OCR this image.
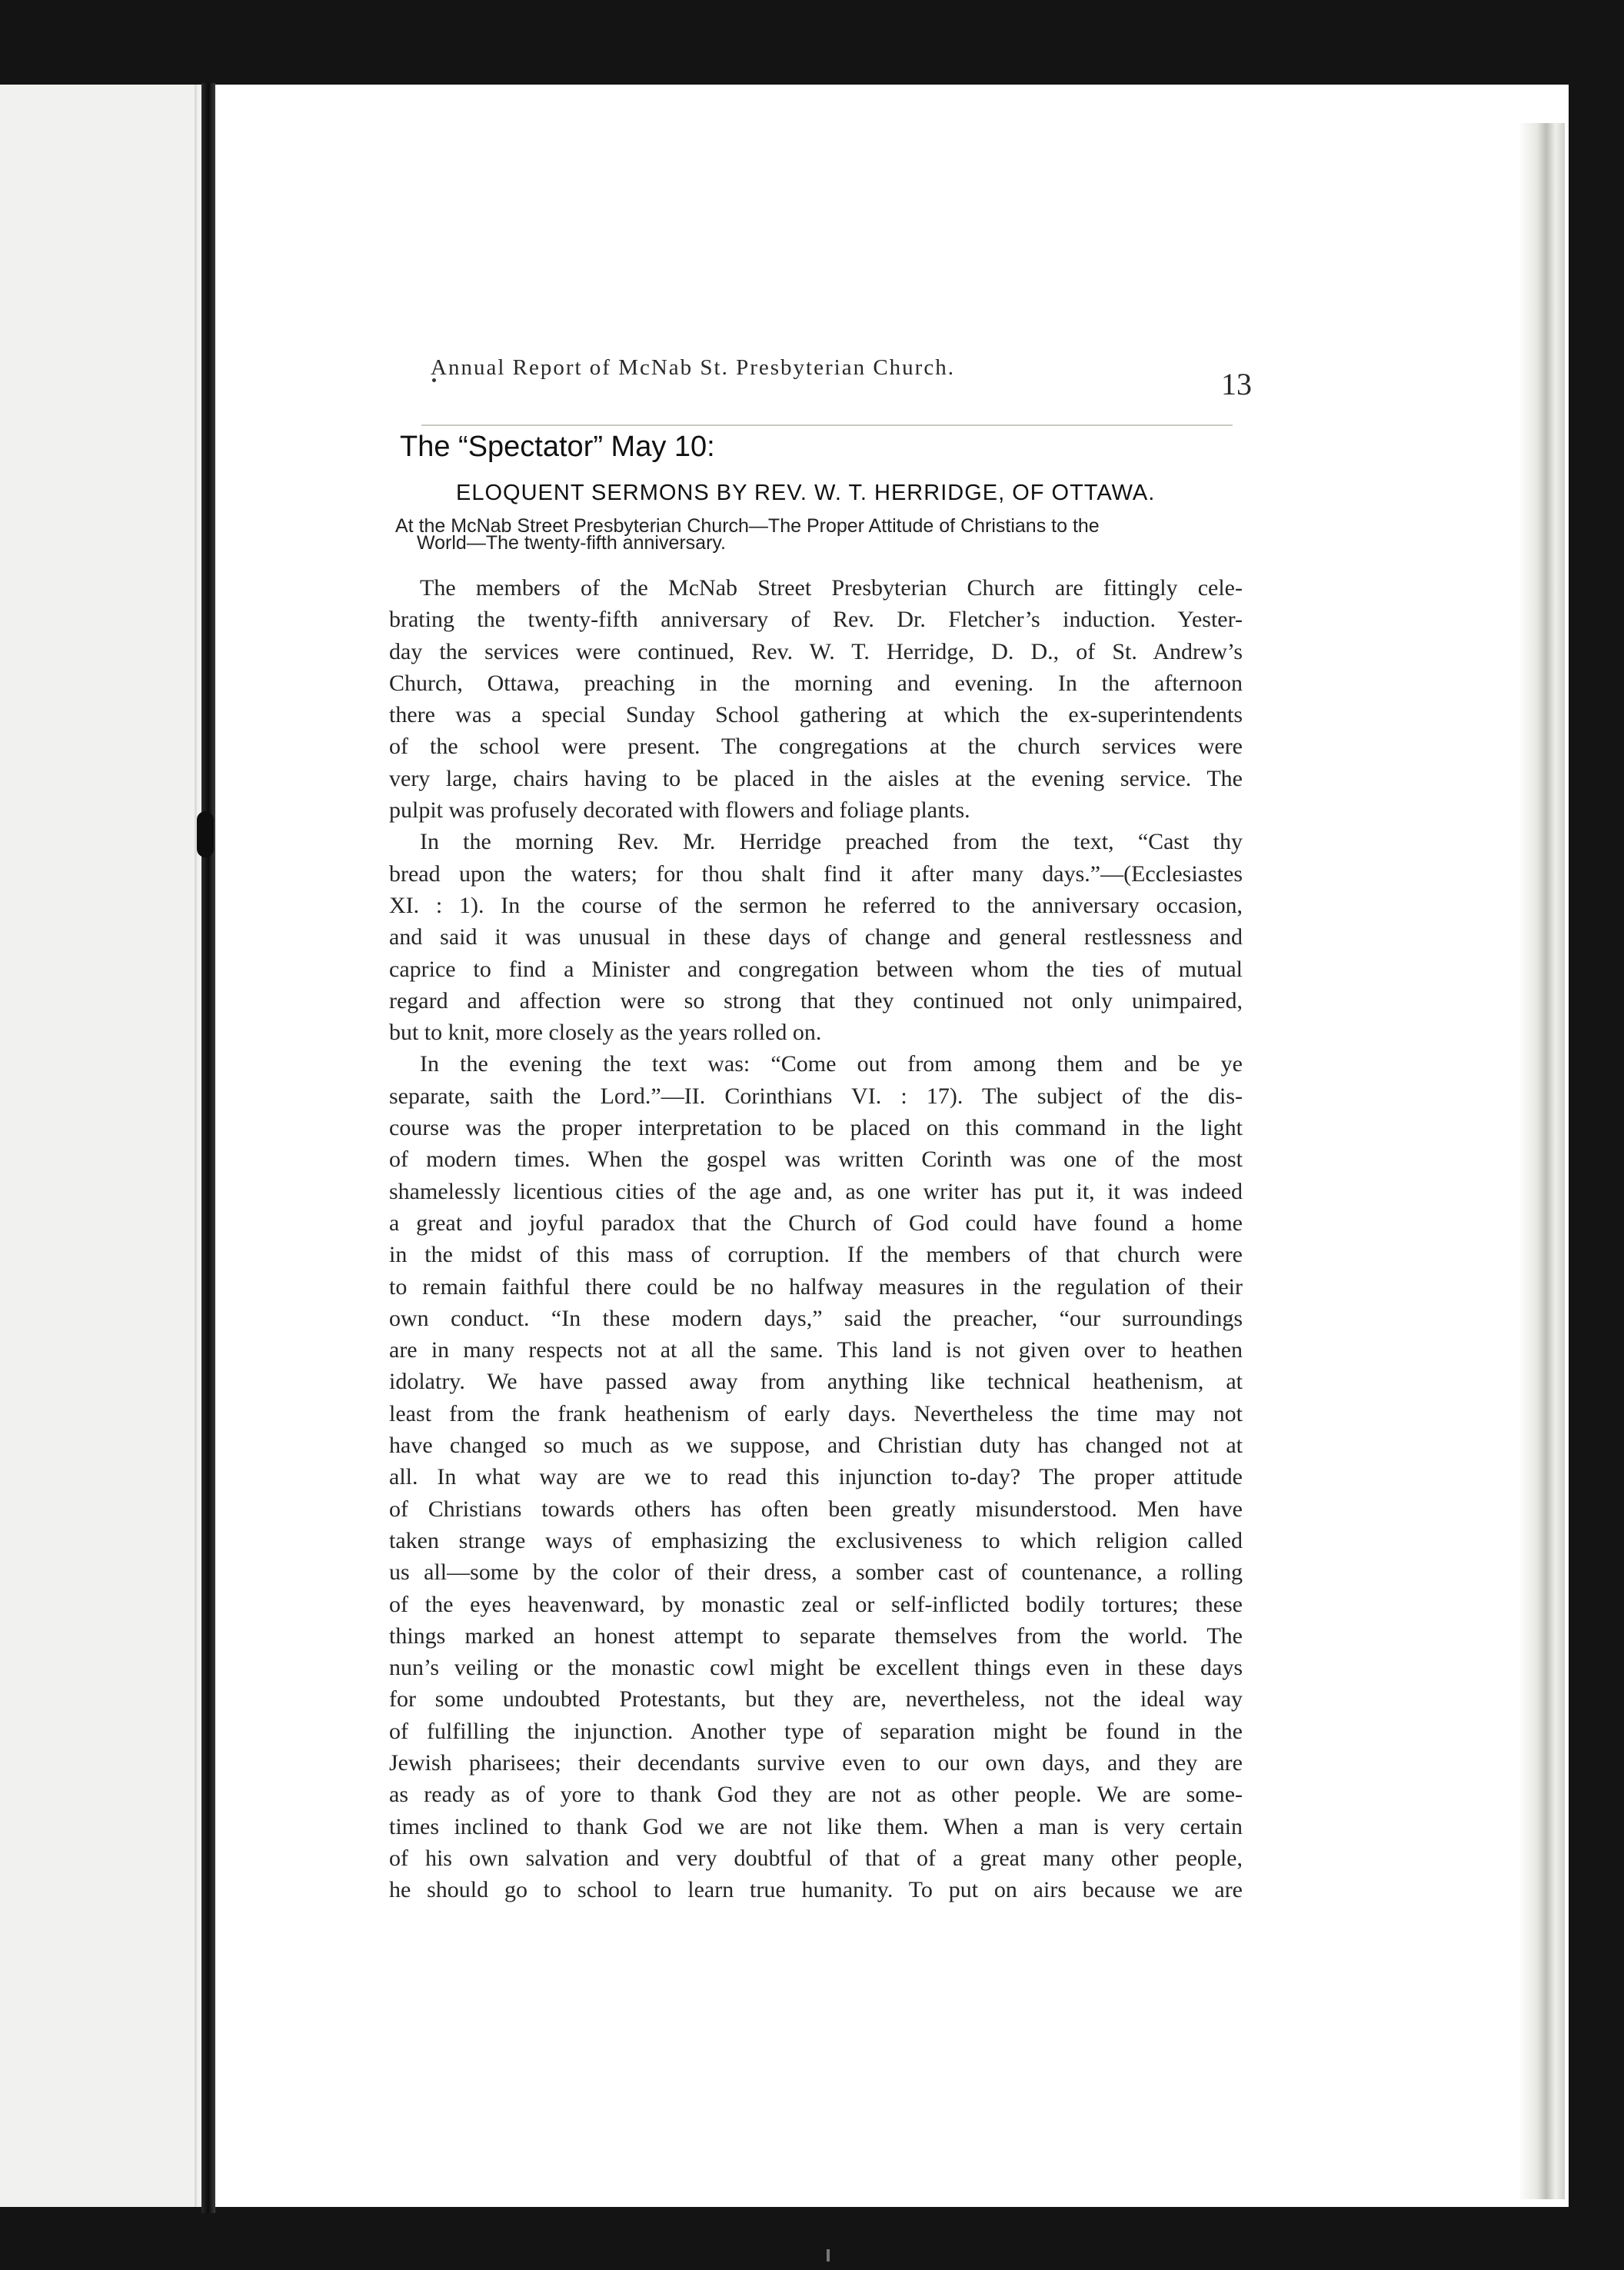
Annual Report of McNab St. Presbyterian Church.	13
The “Spectator” May 10:
ELOQUENT SERMONS BY REV. W. T. HERRIDGE, OF OTTAWA.
At the McNab Street Presbyterian Church—The Proper Attitude of Christians to the
World—The twenty-fifth anniversary.
The members of the McNab Street Presbyterian Church are fittingly cele-
brating the twenty-fifth anniversary of Rev. Dr. Fletcher’s induction. Yester-
day the services were continued, Rev. W. T. Herridge, D. D., of St. Andrew’s
Church, Ottawa, preaching in the morning and evening. In the afternoon
there was a special Sunday School gathering at which the ex-superintendents
of the school were present. The congregations at the church services were
very large, chairs having to be placed in the aisles at the evening service. The
pulpit was profusely decorated with flowers and foliage plants.
In the morning Rev. Mr. Herridge preached from the text, “Cast thy
bread upon the waters; for thou shalt find it after many days.”—(Ecclesiastes
XI. : 1). In the course of the sermon he referred to the anniversary occasion,
and said it was unusual in these days of change and general restlessness and
caprice to find a Minister and congregation between whom the ties of mutual
regard and affection were so strong that they continued not only unimpaired,
but to knit, more closely as the years rolled on.
In the evening the text was: “Come out from among them and be ye
separate, saith the Lord.”—II. Corinthians VI. : 17). The subject of the dis-
course was the proper interpretation to be placed on this command in the light
of modern times. When the gospel was written Corinth was one of the most
shamelessly licentious cities of the age and, as one writer has put it, it was indeed
a great and joyful paradox that the Church of God could have found a home
in the midst of this mass of corruption. If the members of that church were
to remain faithful there could be no halfway measures in the regulation of their
own conduct. “In these modern days,” said the preacher, “our surroundings
are in many respects not at all the same. This land is not given over to heathen
idolatry. We have passed away from anything like technical heathenism, at
least from the frank heathenism of early days. Nevertheless the time may not
have changed so much as we suppose, and Christian duty has changed not at
all. In what way are we to read this injunction to-day? The proper attitude
of Christians towards others has often been greatly misunderstood. Men have
taken strange ways of emphasizing the exclusiveness to which religion called
us all—some by the color of their dress, a somber cast of countenance, a rolling
of the eyes heavenward, by monastic zeal or self-inflicted bodily tortures; these
things marked an honest attempt to separate themselves from the world. The
nun’s veiling or the monastic cowl might be excellent things even in these days
for some undoubted Protestants, but they are, nevertheless, not the ideal way
of fulfilling the injunction. Another type of separation might be found in the
Jewish pharisees; their decendants survive even to our own days, and they are
as ready as of yore to thank God they are not as other people. We are some-
times inclined to thank God we are not like them. When a man is very certain
of his own salvation and very doubtful of that of a great many other people,
he should go to school to learn true humanity. To put on airs because we are
